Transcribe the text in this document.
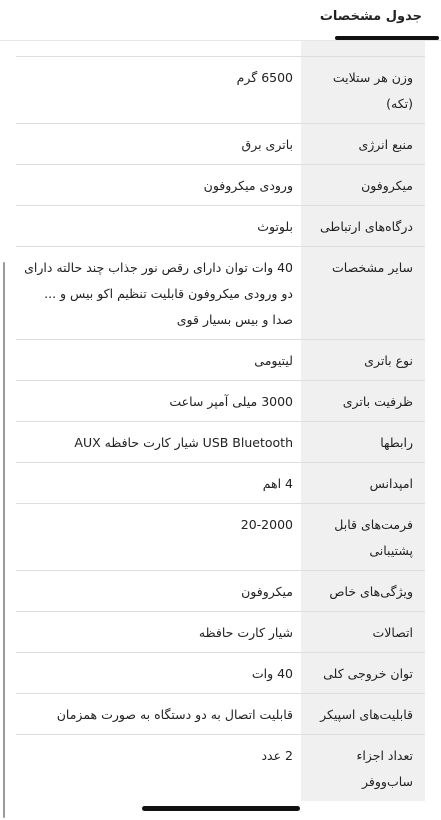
جدول مشخصات
وزن هر ستلایت (تکه)
6500 گرم
منبع انرژی
باتری برق
میکروفون
ورودی میکروفون
درگاه‌های ارتباطی
بلوتوث
سایر مشخصات
40 وات توان دارای رقص نور جذاب چند حالته دارای دو ورودی میکروفون قابلیت تنظیم اکو بیس و ... صدا و بیس بسیار قوی
نوع باتری
لیتیومی
ظرفیت باتری
3000 میلی آمپر ساعت
رابطها
USB Bluetooth شیار کارت حافظه AUX
امپدانس
4 اهم
فرمت‌های قابل پشتیبانی
20-2000
ویژگی‌های خاص
میکروفون
اتصالات
شیار کارت حافظه
توان خروجی کلی
40 وات
قابلیت‌های اسپیکر
قابلیت اتصال به دو دستگاه به صورت همزمان
تعداد اجزاء ساب‌ووفر
2 عدد
